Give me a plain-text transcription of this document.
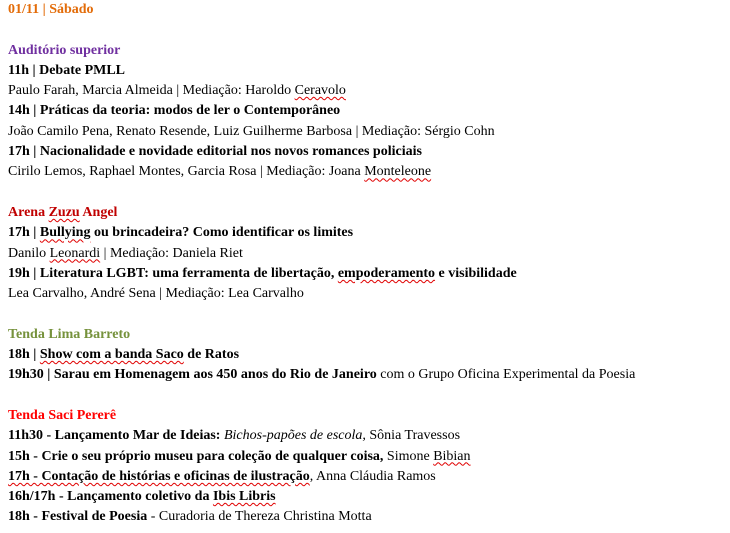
01/11 | Sábado
Auditório superior
11h | Debate PMLL
Paulo Farah, Marcia Almeida | Mediação: Haroldo Ceravolo
14h | Práticas da teoria: modos de ler o Contemporâneo
João Camilo Pena, Renato Resende, Luiz Guilherme Barbosa | Mediação: Sérgio Cohn
17h | Nacionalidade e novidade editorial nos novos romances policiais
Cirilo Lemos, Raphael Montes, Garcia Rosa | Mediação: Joana Monteleone
Arena Zuzu Angel
17h | Bullying ou brincadeira? Como identificar os limites
Danilo Leonardi | Mediação: Daniela Riet
19h | Literatura LGBT: uma ferramenta de libertação, empoderamento e visibilidade
Lea Carvalho, André Sena | Mediação: Lea Carvalho
Tenda Lima Barreto
18h | Show com a banda Saco de Ratos
19h30 | Sarau em Homenagem aos 450 anos do Rio de Janeiro com o Grupo Oficina Experimental da Poesia
Tenda Saci Pererê
11h30 - Lançamento Mar de Ideias: Bichos-papões de escola, Sônia Travessos
15h - Crie o seu próprio museu para coleção de qualquer coisa, Simone Bibian
17h - Contação de histórias e oficinas de ilustração, Anna Cláudia Ramos
16h/17h - Lançamento coletivo da Ibis Libris
18h - Festival de Poesia - Curadoria de Thereza Christina Motta
